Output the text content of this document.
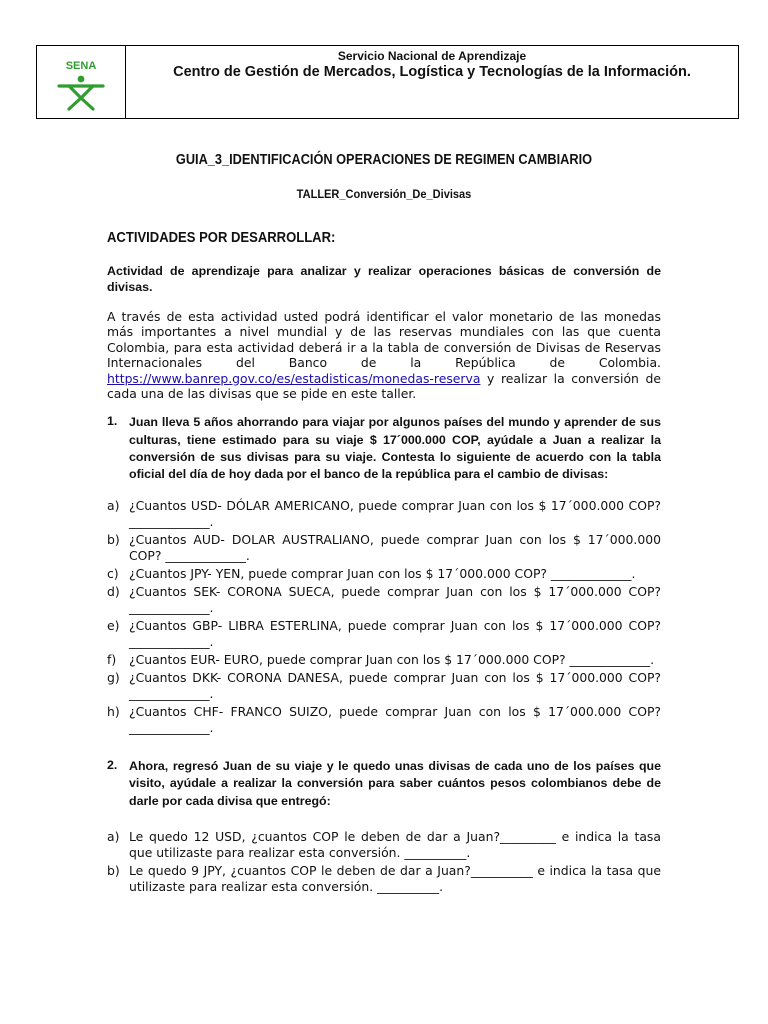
SENA
Servicio Nacional de Aprendizaje
Centro de Gestión de Mercados, Logística y Tecnologías de la Información.
GUIA_3_IDENTIFICACIÓN OPERACIONES DE REGIMEN CAMBIARIO
TALLER_Conversión_De_Divisas
ACTIVIDADES POR DESARROLLAR:
Actividad de aprendizaje para analizar y realizar operaciones básicas de conversión de divisas.
A través de esta actividad usted podrá identificar el valor monetario de las monedas más importantes a nivel mundial y de las reservas mundiales con las que cuenta Colombia, para esta actividad deberá ir a la tabla de conversión de Divisas de Reservas Internacionales del Banco de la República de Colombia. https://www.banrep.gov.co/es/estadisticas/monedas-reserva y realizar la conversión de cada una de las divisas que se pide en este taller.
1. Juan lleva 5 años ahorrando para viajar por algunos países del mundo y aprender de sus culturas, tiene estimado para su viaje $ 17´000.000 COP, ayúdale a Juan a realizar la conversión de sus divisas para su viaje. Contesta lo siguiente de acuerdo con la tabla oficial del día de hoy dada por el banco de la república para el cambio de divisas:
a) ¿Cuantos USD- DÓLAR AMERICANO, puede comprar Juan con los $ 17´000.000 COP? _____________.
b) ¿Cuantos AUD- DOLAR AUSTRALIANO, puede comprar Juan con los $ 17´000.000 COP? _____________.
c) ¿Cuantos JPY- YEN, puede comprar Juan con los $ 17´000.000 COP? _____________.
d) ¿Cuantos SEK- CORONA SUECA, puede comprar Juan con los $ 17´000.000 COP? _____________.
e) ¿Cuantos GBP- LIBRA ESTERLINA, puede comprar Juan con los $ 17´000.000 COP? _____________.
f) ¿Cuantos EUR- EURO, puede comprar Juan con los $ 17´000.000 COP? _____________.
g) ¿Cuantos DKK- CORONA DANESA, puede comprar Juan con los $ 17´000.000 COP? _____________.
h) ¿Cuantos CHF- FRANCO SUIZO, puede comprar Juan con los $ 17´000.000 COP? _____________.
2. Ahora, regresó Juan de su viaje y le quedo unas divisas de cada uno de los países que visito, ayúdale a realizar la conversión para saber cuántos pesos colombianos debe de darle por cada divisa que entregó:
a) Le quedo 12 USD, ¿cuantos COP le deben de dar a Juan?_________ e indica la tasa que utilizaste para realizar esta conversión. __________.
b) Le quedo 9 JPY, ¿cuantos COP le deben de dar a Juan?__________ e indica la tasa que utilizaste para realizar esta conversión. __________.
